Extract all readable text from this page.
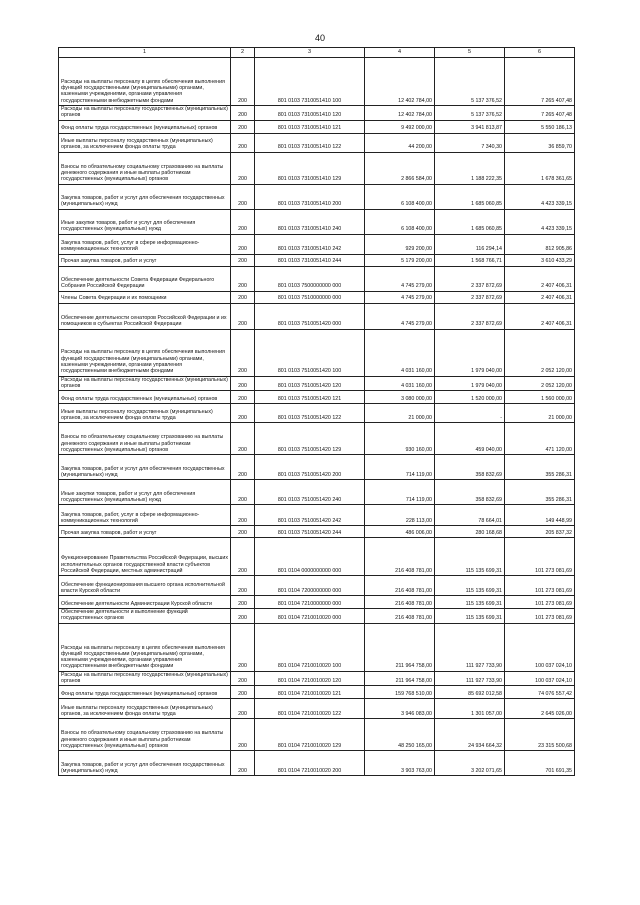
40
1	2	3	4	5	6
Расходы на выплаты персоналу в целях обеспечения выполнения функций государственными (муниципальными) органами, казенными учреждениями, органами управления государственными внебюджетными фондами	200	801 0103 7310051410 100	12 402 784,00	5 137 376,52	7 265 407,48
Расходы на выплаты персоналу государственных (муниципальных) органов	200	801 0103 7310051410 120	12 402 784,00	5 137 376,52	7 265 407,48
Фонд оплаты труда государственных (муниципальных) органов	200	801 0103 7310051410 121	9 492 000,00	3 941 813,87	5 550 186,13
Иные выплаты персоналу государственных (муниципальных) органов, за исключением фонда оплаты труда	200	801 0103 7310051410 122	44 200,00	7 340,30	36 859,70
Взносы по обязательному социальному страхованию на выплаты денежного содержания и иные выплаты работникам государственных (муниципальных) органов	200	801 0103 7310051410 129	2 866 584,00	1 188 222,35	1 678 361,65
Закупка товаров, работ и услуг для обеспечения государственных (муниципальных) нужд	200	801 0103 7310051410 200	6 108 400,00	1 685 060,85	4 423 339,15
Иные закупки товаров, работ и услуг для обеспечения государственных (муниципальных) нужд	200	801 0103 7310051410 240	6 108 400,00	1 685 060,85	4 423 339,15
Закупка товаров, работ, услуг в сфере информационно-коммуникационных технологий	200	801 0103 7310051410 242	929 200,00	116 294,14	812 905,86
Прочая закупка товаров, работ и услуг	200	801 0103 7310051410 244	5 179 200,00	1 568 766,71	3 610 433,29
Обеспечение деятельности Совета Федерации Федерального Собрания Российской Федерации	200	801 0103 7500000000 000	4 745 279,00	2 337 872,69	2 407 406,31
Члены Совета Федерации и их помощники	200	801 0103 7510000000 000	4 745 279,00	2 337 872,69	2 407 406,31
Обеспечение деятельности сенаторов Российской Федерации и их помощников в субъектах Российской Федерации	200	801 0103 7510051420 000	4 745 279,00	2 337 872,69	2 407 406,31
Расходы на выплаты персоналу в целях обеспечения выполнения функций государственными (муниципальными) органами, казенными учреждениями, органами управления государственными внебюджетными фондами	200	801 0103 7510051420 100	4 031 160,00	1 979 040,00	2 052 120,00
Расходы на выплаты персоналу государственных (муниципальных) органов	200	801 0103 7510051420 120	4 031 160,00	1 979 040,00	2 052 120,00
Фонд оплаты труда государственных (муниципальных) органов	200	801 0103 7510051420 121	3 080 000,00	1 520 000,00	1 560 000,00
Иные выплаты персоналу государственных (муниципальных) органов, за исключением фонда оплаты труда	200	801 0103 7510051420 122	21 000,00	-	21 000,00
Взносы по обязательному социальному страхованию на выплаты денежного содержания и иные выплаты работникам государственных (муниципальных) органов	200	801 0103 7510051420 129	930 160,00	459 040,00	471 120,00
Закупка товаров, работ и услуг для обеспечения государственных (муниципальных) нужд	200	801 0103 7510051420 200	714 119,00	358 832,69	355 286,31
Иные закупки товаров, работ и услуг для обеспечения государственных (муниципальных) нужд	200	801 0103 7510051420 240	714 119,00	358 832,69	355 286,31
Закупка товаров, работ, услуг в сфере информационно-коммуникационных технологий	200	801 0103 7510051420 242	228 113,00	78 664,01	149 448,99
Прочая закупка товаров, работ и услуг	200	801 0103 7510051420 244	486 006,00	280 168,68	205 837,32
Функционирование Правительства Российской Федерации, высших исполнительных органов государственной власти субъектов Российской Федерации, местных администраций	200	801 0104 0000000000 000	216 408 781,00	115 135 699,31	101 273 081,69
Обеспечение функционирования высшего органа исполнительной власти Курской области	200	801 0104 7200000000 000	216 408 781,00	115 135 699,31	101 273 081,69
Обеспечение деятельности Администрации Курской области	200	801 0104 7210000000 000	216 408 781,00	115 135 699,31	101 273 081,69
Обеспечение деятельности и выполнение функций государственных органов	200	801 0104 7210010020 000	216 408 781,00	115 135 699,31	101 273 081,69
Расходы на выплаты персоналу в целях обеспечения выполнения функций государственными (муниципальными) органами, казенными учреждениями, органами управления государственными внебюджетными фондами	200	801 0104 7210010020 100	211 964 758,00	111 927 733,90	100 037 024,10
Расходы на выплаты персоналу государственных (муниципальных) органов	200	801 0104 7210010020 120	211 964 758,00	111 927 733,90	100 037 024,10
Фонд оплаты труда государственных (муниципальных) органов	200	801 0104 7210010020 121	159 768 510,00	85 692 012,58	74 076 557,42
Иные выплаты персоналу государственных (муниципальных) органов, за исключением фонда оплаты труда	200	801 0104 7210010020 122	3 946 083,00	1 301 057,00	2 645 026,00
Взносы по обязательному социальному страхованию на выплаты денежного содержания и иные выплаты работникам государственных (муниципальных) органов	200	801 0104 7210010020 129	48 250 165,00	24 934 664,32	23 315 500,68
Закупка товаров, работ и услуг для обеспечения государственных (муниципальных) нужд	200	801 0104 7210010020 200	3 903 763,00	3 202 071,65	701 691,35
